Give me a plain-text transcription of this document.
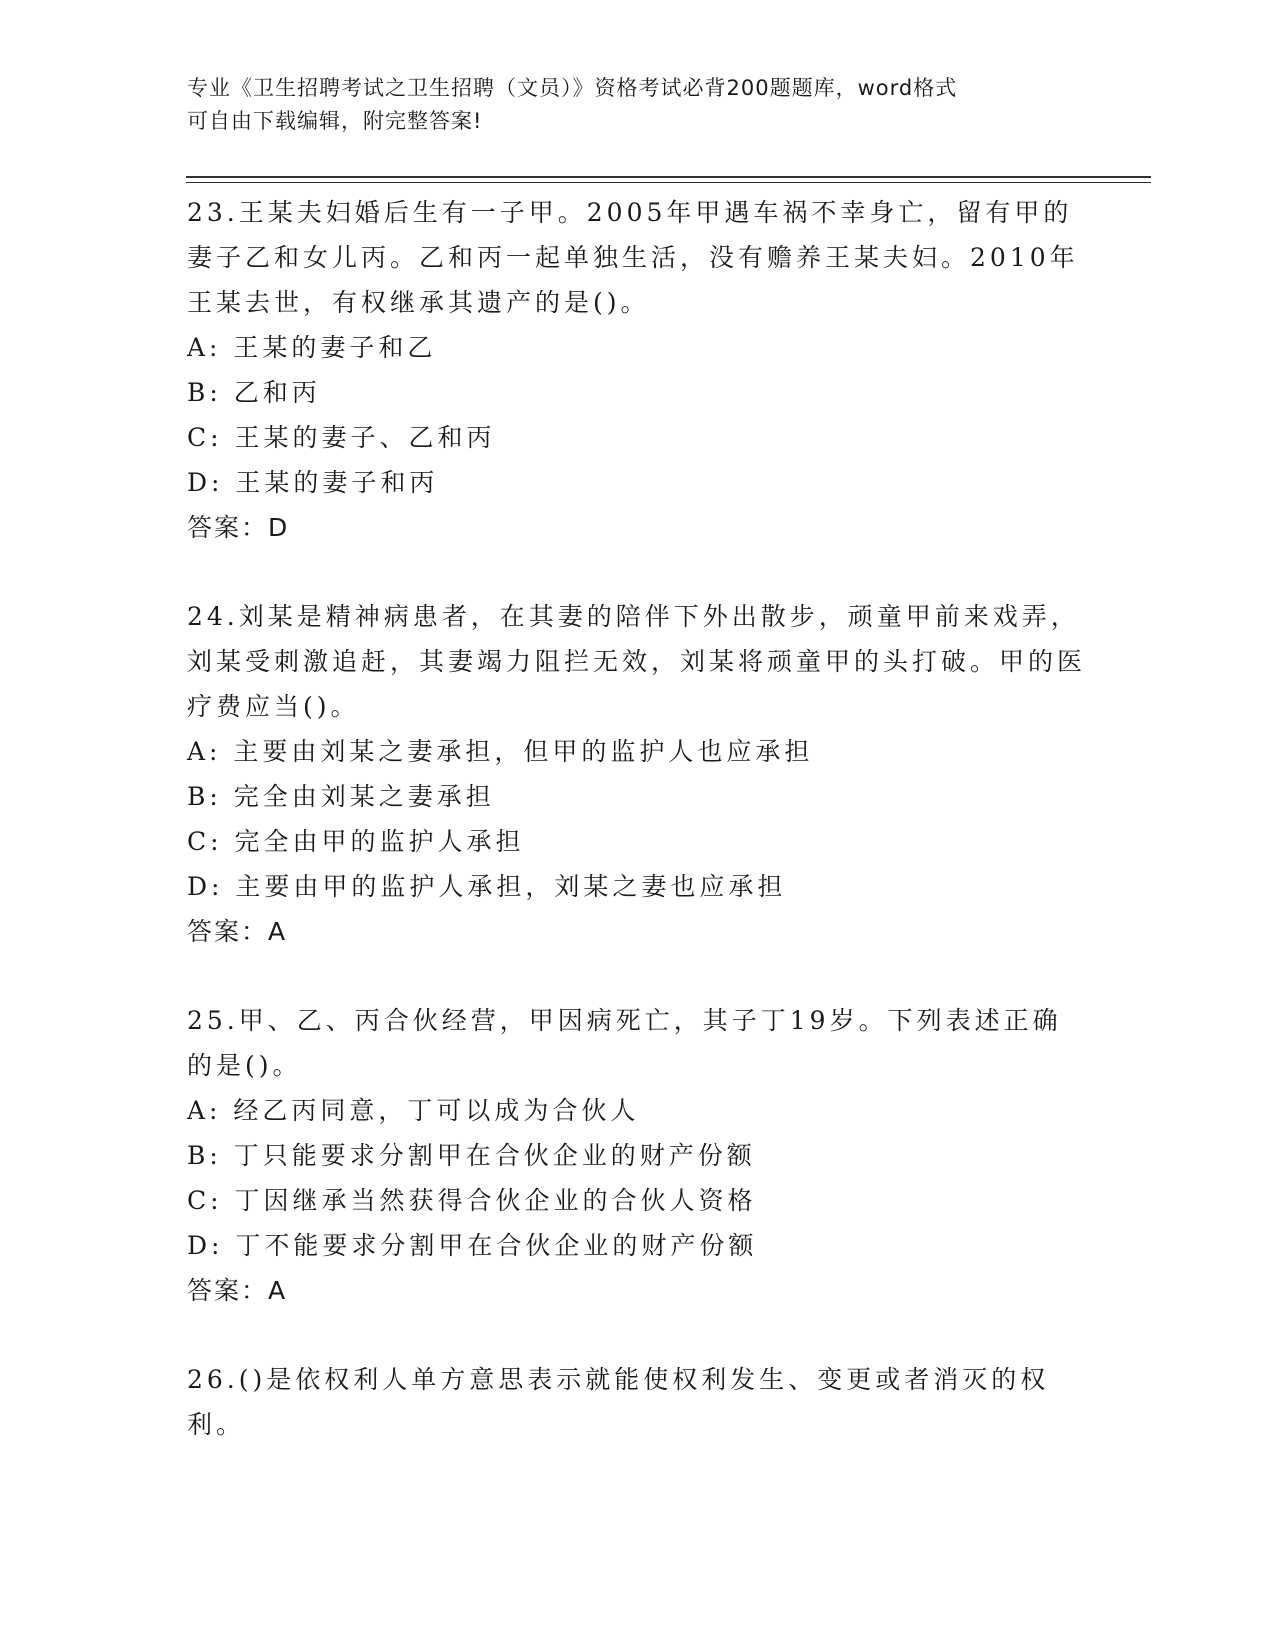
专业《卫生招聘考试之卫生招聘（文员）》资格考试必背200题题库，word格式
可自由下载编辑，附完整答案!

23.王某夫妇婚后生有一子甲。2005年甲遇车祸不幸身亡，留有甲的妻子乙和女儿丙。乙和丙一起单独生活，没有赡养王某夫妇。2010年王某去世，有权继承其遗产的是()。

A: 王某的妻子和乙

B: 乙和丙

C: 王某的妻子、乙和丙

D: 王某的妻子和丙

答案：D

24.刘某是精神病患者，在其妻的陪伴下外出散步，顽童甲前来戏弄，刘某受刺激追赶，其妻竭力阻拦无效，刘某将顽童甲的头打破。甲的医疗费应当()。

A: 主要由刘某之妻承担，但甲的监护人也应承担

B: 完全由刘某之妻承担

C: 完全由甲的监护人承担

D: 主要由甲的监护人承担，刘某之妻也应承担

答案：A

25.甲、乙、丙合伙经营，甲因病死亡，其子丁19岁。下列表述正确的是()。

A: 经乙丙同意，丁可以成为合伙人

B: 丁只能要求分割甲在合伙企业的财产份额

C: 丁因继承当然获得合伙企业的合伙人资格

D: 丁不能要求分割甲在合伙企业的财产份额

答案：A

26.()是依权利人单方意思表示就能使权利发生、变更或者消灭的权利。
